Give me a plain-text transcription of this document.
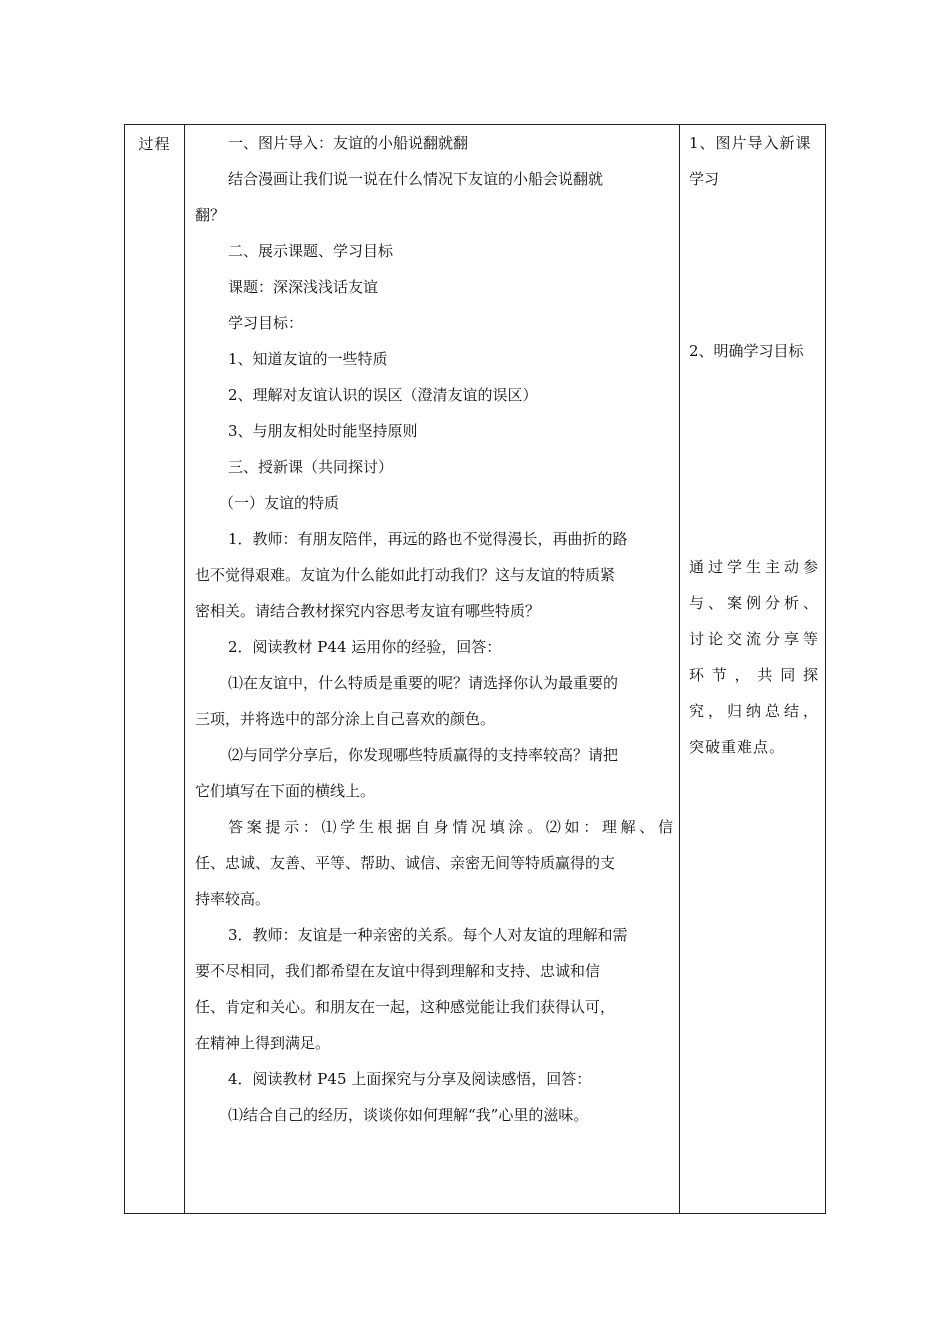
过程	一、图片导入：友谊的小船说翻就翻
结合漫画让我们说一说在什么情况下友谊的小船会说翻就
翻？
二、展示课题、学习目标
课题：深深浅浅话友谊
学习目标：
1、知道友谊的一些特质
2、理解对友谊认识的误区（澄清友谊的误区）
3、与朋友相处时能坚持原则
三、授新课（共同探讨）
（一）友谊的特质
1．教师：有朋友陪伴，再远的路也不觉得漫长，再曲折的路
也不觉得艰难。友谊为什么能如此打动我们？这与友谊的特质紧
密相关。请结合教材探究内容思考友谊有哪些特质？
2．阅读教材 P44 运用你的经验，回答：
⑴在友谊中，什么特质是重要的呢？请选择你认为最重要的
三项，并将选中的部分涂上自己喜欢的颜色。
⑵与同学分享后，你发现哪些特质赢得的支持率较高？请把
它们填写在下面的横线上。
答案提示：⑴学生根据自身情况填涂。⑵如：理解、信
任、忠诚、友善、平等、帮助、诚信、亲密无间等特质赢得的支
持率较高。
3．教师：友谊是一种亲密的关系。每个人对友谊的理解和需
要不尽相同，我们都希望在友谊中得到理解和支持、忠诚和信
任、肯定和关心。和朋友在一起，这种感觉能让我们获得认可，
在精神上得到满足。
4．阅读教材 P45 上面探究与分享及阅读感悟，回答：
⑴结合自己的经历，谈谈你如何理解“我”心里的滋味。
1、图片导入新课
学习
2、明确学习目标
通过学生主动参
与、案例分析、
讨论交流分享等
环 节 ， 共 同 探
究，归纳总结，
突破重难点。
